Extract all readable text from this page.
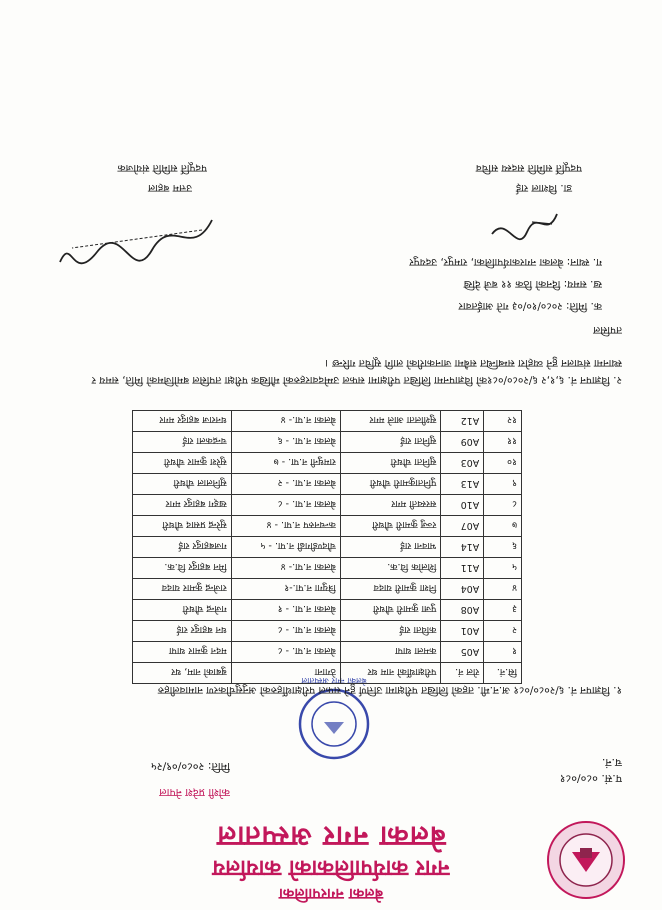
बेलका नगरपालिका
नगर कार्यपालिकाको कार्यालय
बेलका नगर अस्पताल
कोशी प्रदेश नेपाल
प.सं. ०८०/०८१
च.नं.
मिति: २०८०/०९/२५
बेलका नगर अस्पताल
१. विज्ञापन नं. ६/२०८०/०८१ अ.न.मी. तहको लिखित परीक्षामा उत्तिर्ण हुने सफल परीक्षार्थीहरुको अनुसुचीकरण नामावलीहरु
सि.नं.	रोल नं.	परीक्षार्थीको नाम थर	ठेगाना	बुबाको नाम, थर
१	A05	कमला थापा	बेलका न.पा. - ८	मदन कुमार थापा
२	A01	कविता राई	बेलका न.पा. - ८	धन बहादुर राई
३	A08	पुजा कुमारी चौधरी	बेलका न.पा. - १	गजेन्द्र चौधरी
४	A04	निशा कुमारी यादव	त्रियुगा न.पा.-१	राजेन्द्र कुमार यादव
५	A11	शिलोक वि.क.	बेलका न.पा.- ४	मिन बहादुर वि.क.
६	A14	भावना राई	चौदण्डीगढी न.पा. - ५	गजबहादुर राई
७	A07	रञ्जु कुमारी चौधरी	कन्चनरुप न.पा. - ४	सुरेन्द्र प्रसाद चौधरी
८	A10	सरस्वती मगर	बेलका न.पा. - ८	खड्ग बहादुर मगर
९	A13	पुनिताकुमारी चौधरी	बेलका न.पा. - २	सुनिलाल चौधरी
१०	A03	सुनिता चौधरी	रामधुनी न.पा. - ७	सुरेश कुमार चौधरी
११	A09	सुनिता राई	बेलका न.पा. - ६	चन्द्रकला राई
१२	A12	सुशीलता आले मगर	बेलका न.पा.- ४	धनराज बहादुर मगर
२. विज्ञापन नं. ६,१,२ ६/२०८०/०८१को विज्ञापनमा लिखित परीक्षामा सफल उम्मेदवारहरुको मौखिक परीक्षा तपसिल बमोजिमको मिति, समय र स्थानमा संचालन हुने व्यहोरा सम्बन्धित सबैमा जानकारीको लागि सूचित गरिन्छ ।
तपसिल
क. मिति: २०८०/१०/०३ गते आईतवार
ख. समय: दिनको ठिक ११ बजे देखि
ग. स्थान: बेलका नगरकार्यपालिका, रामपुर, उदयपुर
डा. विशाल राई
पदपूर्ति समिति सदस्य सचिव
उत्तम बहाल
पदपूर्ति समिति संयोजक
